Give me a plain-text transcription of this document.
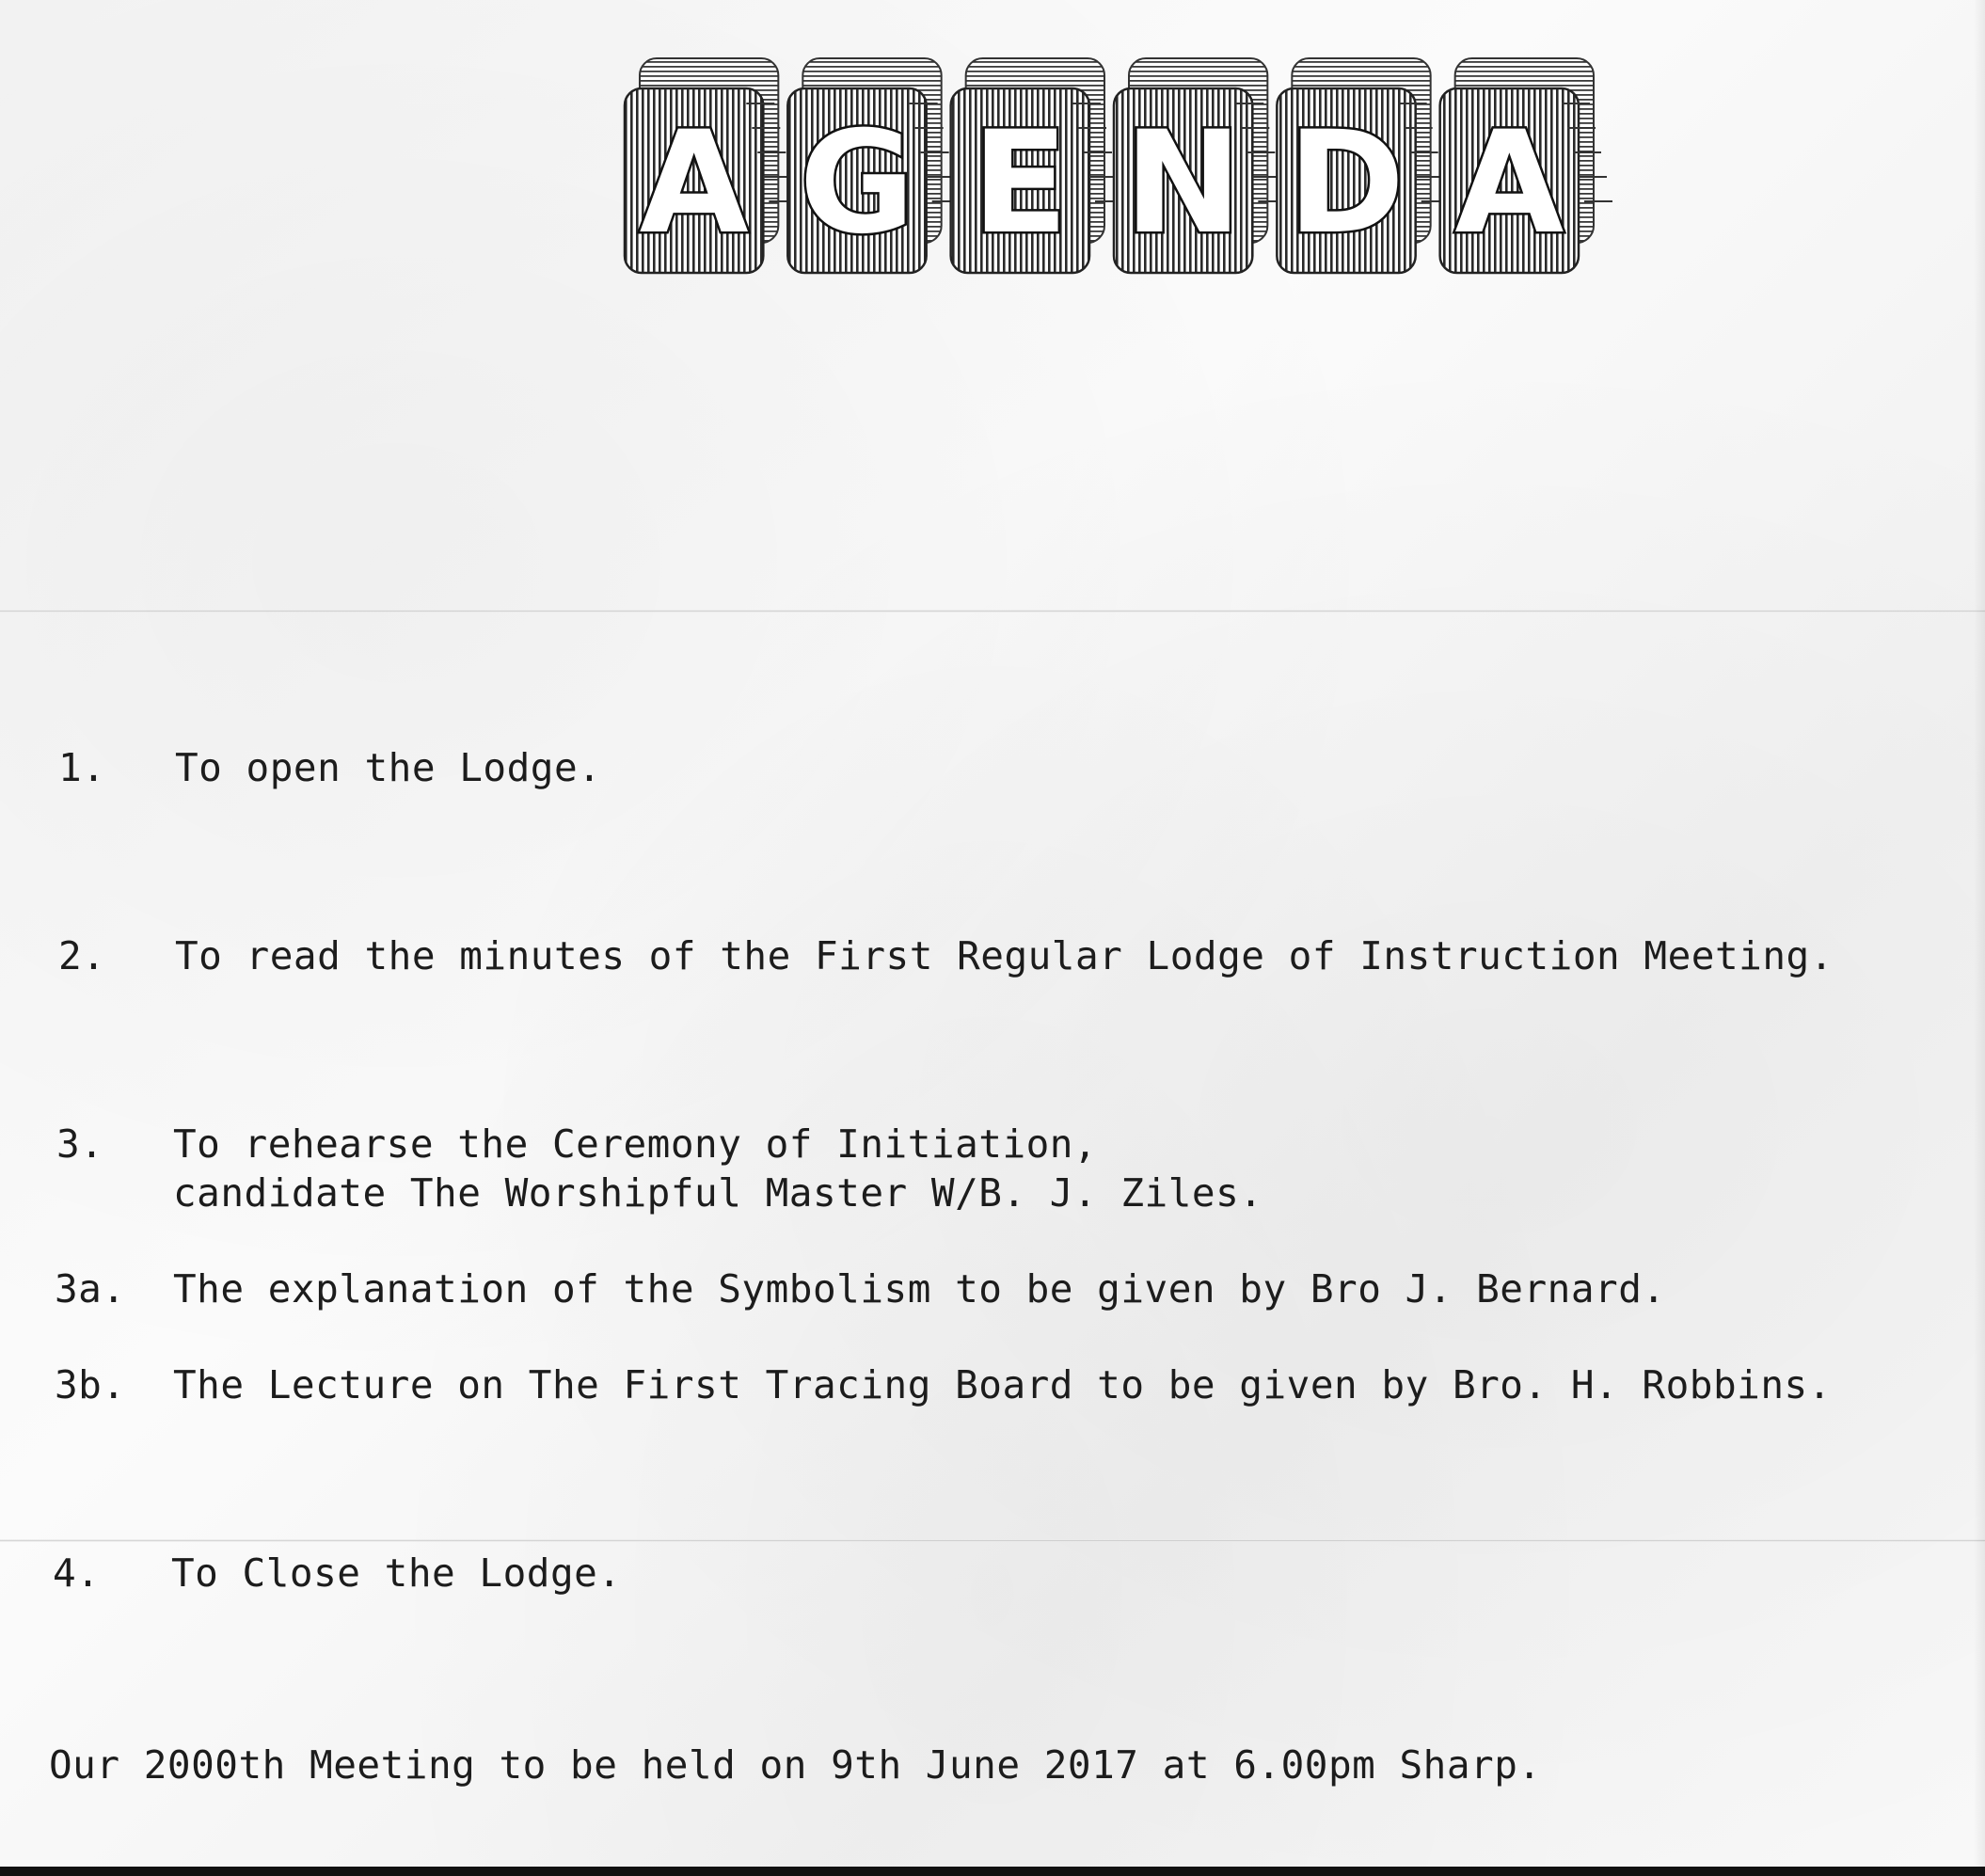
A G E N D A
1. To open the Lodge.
2. To read the minutes of the First Regular Lodge of Instruction Meeting.
3. To rehearse the Ceremony of Initiation,
candidate The Worshipful Master W/B. J. Ziles.
3a. The explanation of the Symbolism to be given by Bro J. Bernard.
3b. The Lecture on The First Tracing Board to be given by Bro. H. Robbins.
4. To Close the Lodge.
Our 2000th Meeting to be held on 9th June 2017 at 6.00pm Sharp.
